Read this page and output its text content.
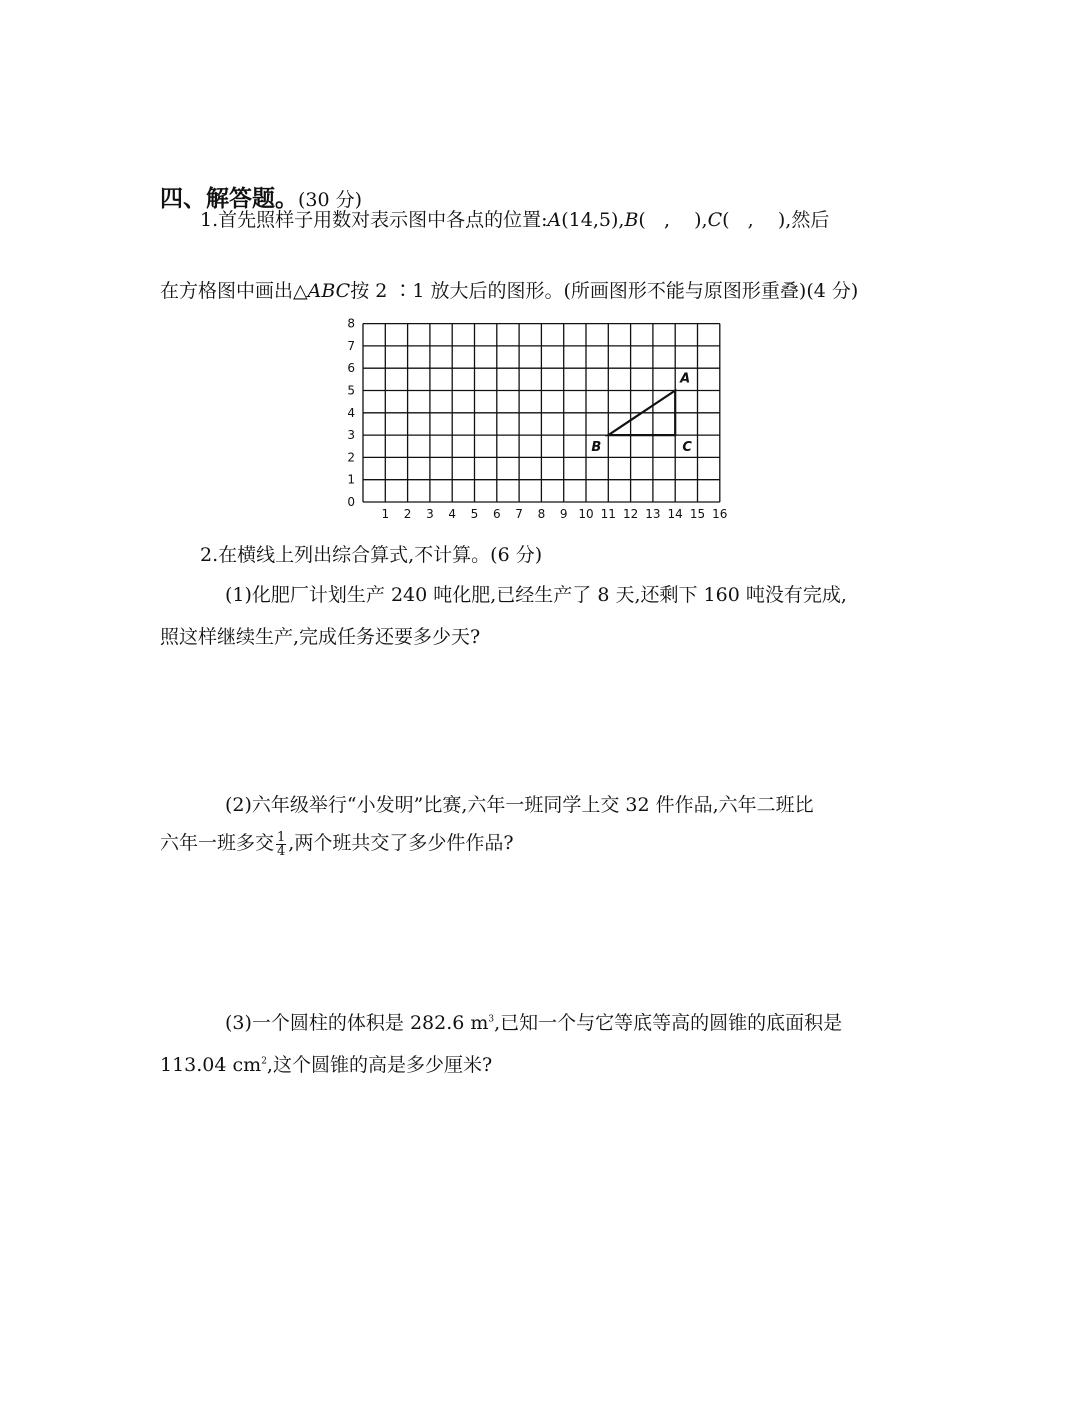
四、解答题。(30 分)
1.首先照样子用数对表示图中各点的位置:A(14,5),B(   ,    ),C(   ,    ),然后
在方格图中画出△ABC按 2 ∶1 放大后的图形。(所画图形不能与原图形重叠)(4 分)
1 2 3 4 5 6 7 8 9 10 11 12 13 14 15 16
0
1
2
3
4
5
6
7
8
A
B	C
2.在横线上列出综合算式,不计算。(6 分)
(1)化肥厂计划生产 240 吨化肥,已经生产了 8 天,还剩下 160 吨没有完成,
照这样继续生产,完成任务还要多少天?
(2)六年级举行“小发明”比赛,六年一班同学上交 32 件作品,六年二班比
六年一班多交 $\frac{1}{4}$ ,两个班共交了多少件作品?
(3)一个圆柱的体积是 282.6 $m^3$,已知一个与它等底等高的圆锥的底面积是
113.04 $cm^2$,这个圆锥的高是多少厘米?
